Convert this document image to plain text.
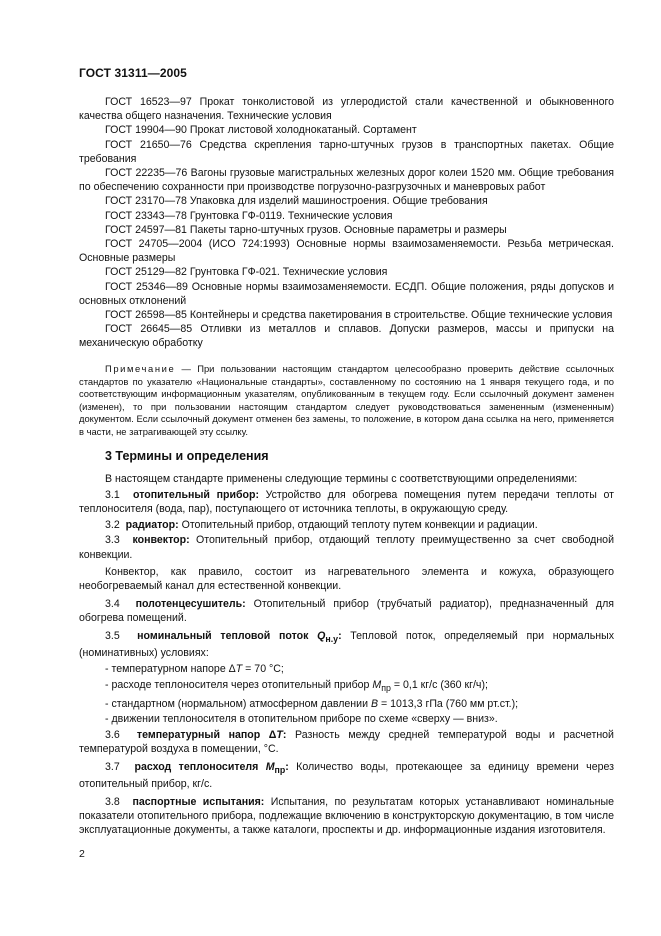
ГОСТ 31311—2005

ГОСТ 16523—97 Прокат тонколистовой из углеродистой стали качественной и обыкновенного качества общего назначения. Технические условия

ГОСТ 19904—90 Прокат листовой холоднокатаный. Сортамент

ГОСТ 21650—76 Средства скрепления тарно-штучных грузов в транспортных пакетах. Общие требования

ГОСТ 22235—76 Вагоны грузовые магистральных железных дорог колеи 1520 мм. Общие требования по обеспечению сохранности при производстве погрузочно-разгрузочных и маневровых работ

ГОСТ 23170—78 Упаковка для изделий машиностроения. Общие требования

ГОСТ 23343—78 Грунтовка ГФ-0119. Технические условия

ГОСТ 24597—81 Пакеты тарно-штучных грузов. Основные параметры и размеры

ГОСТ 24705—2004 (ИСО 724:1993) Основные нормы взаимозаменяемости. Резьба метрическая. Основные размеры

ГОСТ 25129—82 Грунтовка ГФ-021. Технические условия

ГОСТ 25346—89 Основные нормы взаимозаменяемости. ЕСДП. Общие положения, ряды допусков и основных отклонений

ГОСТ 26598—85 Контейнеры и средства пакетирования в строительстве. Общие технические условия

ГОСТ 26645—85 Отливки из металлов и сплавов. Допуски размеров, массы и припуски на механическую обработку

Примечание — При пользовании настоящим стандартом целесообразно проверить действие ссылочных стандартов по указателю «Национальные стандарты», составленному по состоянию на 1 января текущего года, и по соответствующим информационным указателям, опубликованным в текущем году. Если ссылочный документ заменен (изменен), то при пользовании настоящим стандартом следует руководствоваться замененным (измененным) документом. Если ссылочный документ отменен без замены, то положение, в котором дана ссылка на него, применяется в части, не затрагивающей эту ссылку.

3 Термины и определения

В настоящем стандарте применены следующие термины с соответствующими определениями:

3.1 отопительный прибор: Устройство для обогрева помещения путем передачи теплоты от теплоносителя (вода, пар), поступающего от источника теплоты, в окружающую среду.

3.2 радиатор: Отопительный прибор, отдающий теплоту путем конвекции и радиации.

3.3 конвектор: Отопительный прибор, отдающий теплоту преимущественно за счет свободной конвекции.

Конвектор, как правило, состоит из нагревательного элемента и кожуха, образующего необогреваемый канал для естественной конвекции.

3.4 полотенцесушитель: Отопительный прибор (трубчатый радиатор), предназначенный для обогрева помещений.

3.5 номинальный тепловой поток $Q_{н.у}$: Тепловой поток, определяемый при нормальных (номинативных) условиях:

- температурном напоре ΔT = 70 °C;

- расходе теплоносителя через отопительный прибор $M_{пр} = 0,1$ кг/с (360 кг/ч);

- стандартном (нормальном) атмосферном давлении B = 1013,3 гПа (760 мм рт.ст.);

- движении теплоносителя в отопительном приборе по схеме «сверху — вниз».

3.6 температурный напор ΔT: Разность между средней температурой воды и расчетной температурой воздуха в помещении, °С.

3.7 расход теплоносителя $M_{пр}$: Количество воды, протекающее за единицу времени через отопительный прибор, кг/с.

3.8 паспортные испытания: Испытания, по результатам которых устанавливают номинальные показатели отопительного прибора, подлежащие включению в конструкторскую документацию, в том числе эксплуатационные документы, а также каталоги, проспекты и др. информационные издания изготовителя.

2
